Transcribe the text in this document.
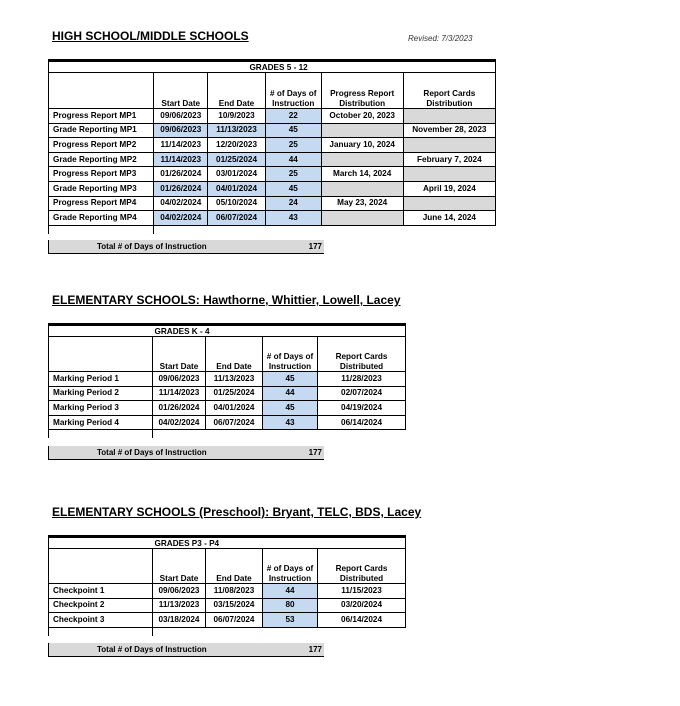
HIGH SCHOOL/MIDDLE SCHOOLS	Revised: 7/3/2023
	GRADES 5 - 12				
	Start Date	End Date	# of Days of Instruction	Progress Report Distribution	Report Cards Distribution
Progress Report MP1	09/06/2023	10/9/2023	22	October 20, 2023	
Grade Reporting MP1	09/06/2023	11/13/2023	45		November 28, 2023
Progress Report MP2	11/14/2023	12/20/2023	25	January 10, 2024	
Grade Reporting MP2	11/14/2023	01/25/2024	44		February 7, 2024
Progress Report MP3	01/26/2024	03/01/2024	25	March 14, 2024	
Grade Reporting MP3	01/26/2024	04/01/2024	45		April 19, 2024
Progress Report MP4	04/02/2024	05/10/2024	24	May 23, 2024	
Grade Reporting MP4	04/02/2024	06/07/2024	43		June 14, 2024

Total # of Days of Instruction	177
ELEMENTARY SCHOOLS: Hawthorne, Whittier, Lowell, Lacey
	GRADES K - 4			
	Start Date	End Date	# of Days of Instruction	Report Cards Distributed
Marking Period 1	09/06/2023	11/13/2023	45	11/28/2023
Marking Period 2	11/14/2023	01/25/2024	44	02/07/2024
Marking Period 3	01/26/2024	04/01/2024	45	04/19/2024
Marking Period 4	04/02/2024	06/07/2024	43	06/14/2024

Total # of Days of Instruction	177
ELEMENTARY SCHOOLS (Preschool): Bryant, TELC, BDS, Lacey
	GRADES P3 - P4			
	Start Date	End Date	# of Days of Instruction	Report Cards Distributed
Checkpoint 1	09/06/2023	11/08/2023	44	11/15/2023
Checkpoint 2	11/13/2023	03/15/2024	80	03/20/2024
Checkpoint 3	03/18/2024	06/07/2024	53	06/14/2024

Total # of Days of Instruction	177
